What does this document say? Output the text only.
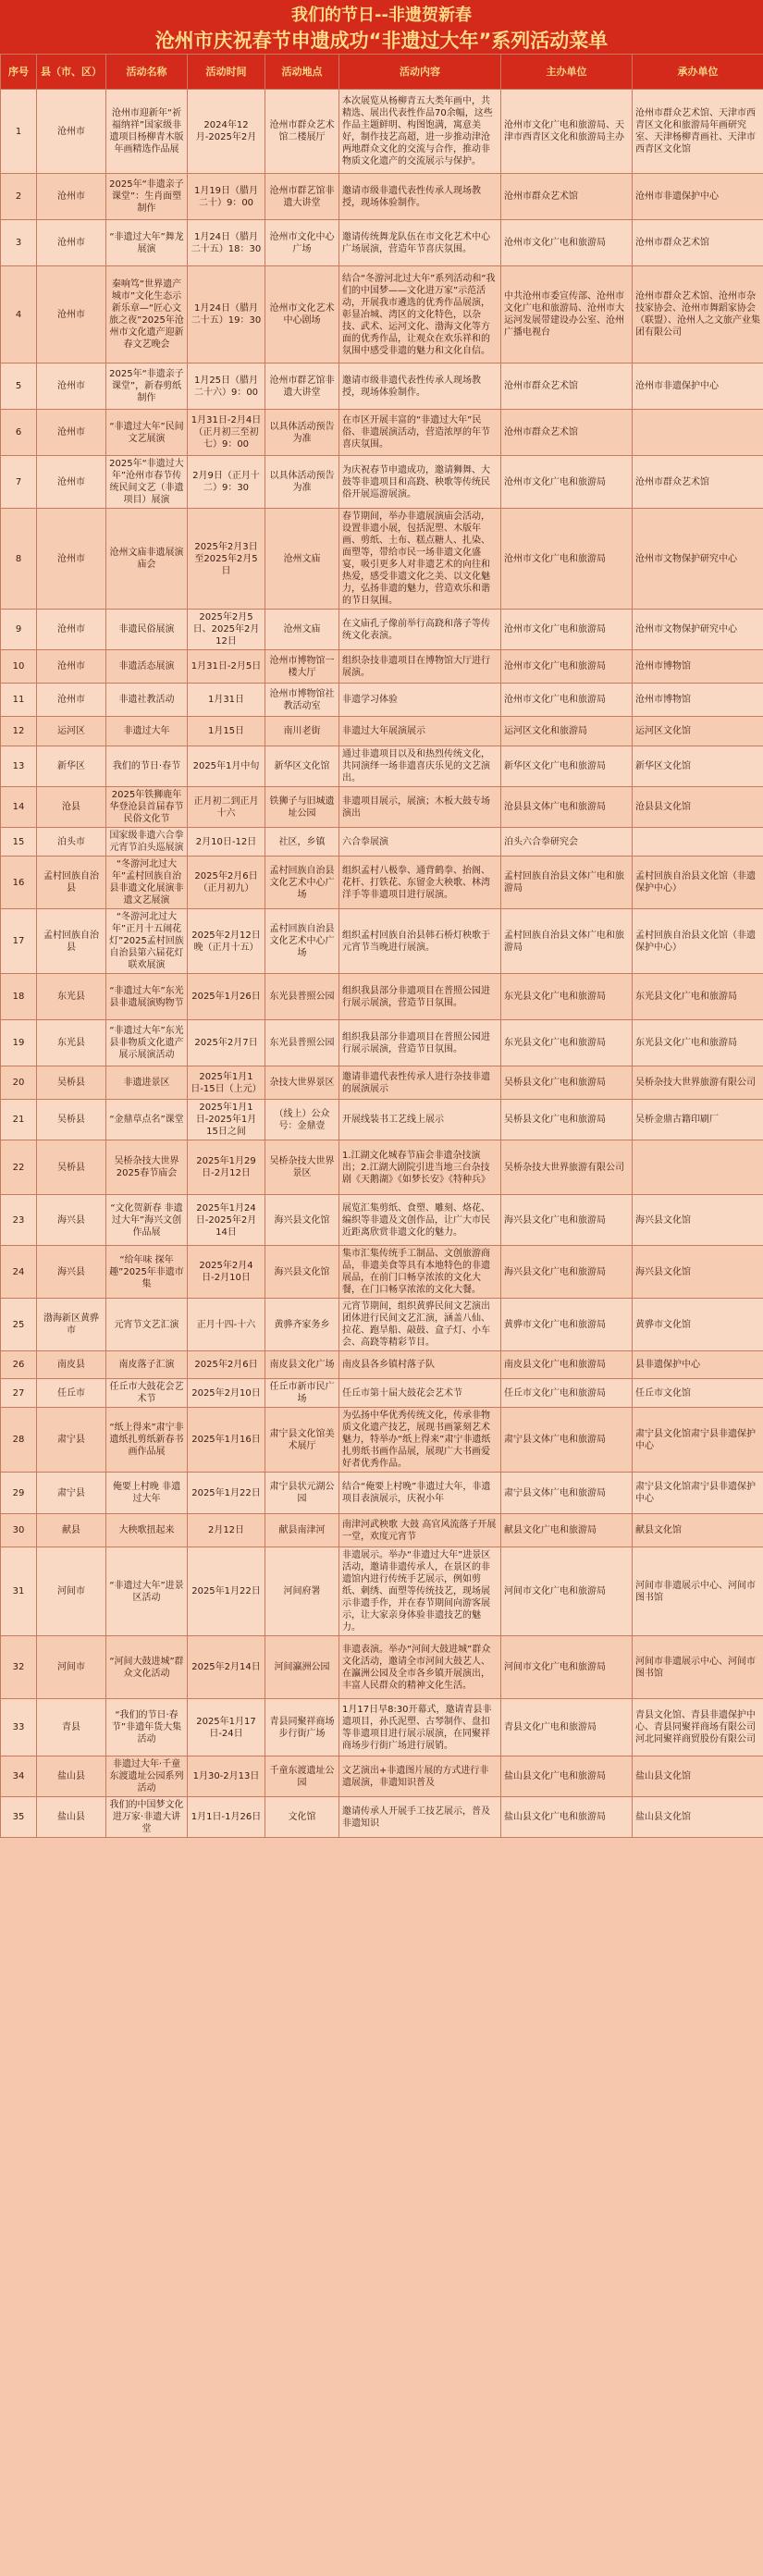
我们的节日--非遗贺新春
沧州市庆祝春节申遗成功“非遗过大年”系列活动菜单
序号	县（市、区）	活动名称	活动时间	活动地点	活动内容	主办单位	承办单位
1	沧州市	沧州市迎新年“祈福纳祥”国家级非遗项目杨柳青木版年画精选作品展	2024年12月-2025年2月	沧州市群众艺术馆二楼展厅	本次展览从杨柳青五大类年画中，共精选、展出代表性作品70余幅，这些作品主题鲜明、构图饱满，寓意美好，制作技艺高超，进一步推动津沧两地群众文化的交流与合作，推动非物质文化遗产的交流展示与保护。	沧州市文化广电和旅游局、天津市西青区文化和旅游局主办	沧州市群众艺术馆、天津市西青区文化和旅游局年画研究室、天津杨柳青画社、天津市西青区文化馆
2	沧州市	2025年“非遗亲子课堂”：生肖面塑制作	1月19日（腊月二十）9：00	沧州市群艺馆非遗大讲堂	邀请市级非遗代表性传承人现场教授，现场体验制作。	沧州市群众艺术馆	沧州市非遗保护中心
3	沧州市	“非遗过大年”舞龙展演	1月24日（腊月二十五）18：30	沧州市文化中心广场	邀请传统舞龙队伍在市文化艺术中心广场展演，营造年节喜庆氛围。	沧州市文化广电和旅游局	沧州市群众艺术馆
4	沧州市	秦响笃“世界遗产城市”文化生态示新乐章—“匠心文旅之夜”2025年沧州市文化遗产迎新春文艺晚会	1月24日（腊月二十五）19：30	沧州市文化艺术中心剧场	结合“冬游河北过大年”系列活动和“我们的中国梦——文化进万家”示范活动，开展我市遴选的优秀作品展演，彰显冶城、湾区的文化特色，以杂技、武术、运河文化、渤海文化等方面的优秀作品，让观众在欢乐祥和的氛围中感受非遗的魅力和文化自信。	中共沧州市委宣传部、沧州市文化广电和旅游局、沧州市大运河发展带建设办公室、沧州广播电视台	沧州市群众艺术馆、沧州市杂技家协会、沧州市舞蹈家协会（联盟）、沧州人之文旅产业集团有限公司
5	沧州市	2025年“非遗亲子课堂”，新春剪纸制作	1月25日（腊月二十六）9：00	沧州市群艺馆非遗大讲堂	邀请市级非遗代表性传承人现场教授，现场体验制作。	沧州市群众艺术馆	沧州市非遗保护中心
6	沧州市	“非遗过大年”民间文艺展演	1月31日-2月4日（正月初三至初七）9：00	以具体活动预告为准	在市区开展丰富的“非遗过大年”民俗、非遗展演活动，营造浓厚的年节喜庆氛围。	沧州市群众艺术馆	
7	沧州市	2025年“非遗过大年”沧州市春节传统民间文艺（非遗项目）展演	2月9日（正月十二）9：30	以具体活动预告为准	为庆祝春节申遗成功，邀请狮舞、大鼓等非遗项目和高跷、秧歌等传统民俗开展巡游展演。	沧州市文化广电和旅游局	沧州市群众艺术馆
8	沧州市	沧州文庙非遗展演庙会	2025年2月3日至2025年2月5日	沧州文庙	春节期间，举办非遗展演庙会活动，设置非遗小展，包括泥塑、木版年画、剪纸、土布、糕点糖人、扎染、面塑等，带给市民一场非遗文化盛宴，吸引更多人对非遗艺术的向往和热爱，感受非遗文化之美、以文化魅力，弘扬非遗的魅力，营造欢乐和谐的节日氛围。	沧州市文化广电和旅游局	沧州市文物保护研究中心
9	沧州市	非遗民俗展演	2025年2月5日、2025年2月12日	沧州文庙	在文庙孔子像前举行高跷和落子等传统文化表演。	沧州市文化广电和旅游局	沧州市文物保护研究中心
10	沧州市	非遗活态展演	1月31日-2月5日	沧州市博物馆一楼大厅	组织杂技非遗项目在博物馆大厅进行展演。	沧州市文化广电和旅游局	沧州市博物馆
11	沧州市	非遗社教活动	1月31日	沧州市博物馆社教活动室	非遗学习体验	沧州市文化广电和旅游局	沧州市博物馆
12	运河区	非遗过大年	1月15日	南川老街	非遗过大年展演展示	运河区文化和旅游局	运河区文化馆
13	新华区	我们的节日·春节	2025年1月中旬	新华区文化馆	通过非遗项目以及和热烈传统文化，共同演绎一场非遗喜庆乐见的文艺演出。	新华区文化广电和旅游局	新华区文化馆
14	沧县	2025年铁狮鹿年华登沧县首届春节民俗文化节	正月初二到正月十六	铁狮子与旧城遗址公园	非遗项目展示，展演；木板大鼓专场演出	沧县县文体广电和旅游局	沧县县文化馆
15	泊头市	国家级非遗六合拳元宵节泊头巡展演	2月10日-12日	社区，乡镇	六合拳展演	泊头六合拳研究会	
16	孟村回族自治县	“冬游河北过大年”孟村回族自治县非遗文化展演非遗文艺展演	2025年2月6日（正月初九）	孟村回族自治县文化艺术中心广场	组织孟村八极拳、通背鹤拳、抬阁、花杆、打铁花、东留金大秧歌、林湾洋手等非遗项目进行展演。	孟村回族自治县文体广电和旅游局	孟村回族自治县文化馆（非遗保护中心）
17	孟村回族自治县	“冬游河北过大年”正月十五闹花灯”2025孟村回族自治县第六届花灯联欢展演	2025年2月12日晚（正月十五）	孟村回族自治县文化艺术中心广场	组织孟村回族自治县韩石桥灯秧歌于元宵节当晚进行展演。	孟村回族自治县文体广电和旅游局	孟村回族自治县文化馆（非遗保护中心）
18	东光县	“非遗过大年”东光县非遗展演购物节	2025年1月26日	东光县普照公园	组织我县部分非遗项目在普照公园进行展示展演，营造节日氛围。	东光县文化广电和旅游局	东光县文化广电和旅游局
19	东光县	“非遗过大年”东光县非物质文化遗产展示展演活动	2025年2月7日	东光县普照公园	组织我县部分非遗项目在普照公园进行展示展演，营造节日氛围。	东光县文化广电和旅游局	东光县文化广电和旅游局
20	吴桥县	非遗进景区	2025年1月1日-15日（上元）	杂技大世界景区	邀请非遗代表性传承人进行杂技非遗的展演展示	吴桥县文化广电和旅游局	吴桥杂技大世界旅游有限公司
21	吴桥县	“金鼎草点名”课堂	2025年1月1日-2025年1月15日之间	（线上）公众号：金鼎壹	开展线装书工艺线上展示	吴桥县文化广电和旅游局	吴桥金鼎古籍印刷厂
22	吴桥县	吴桥杂技大世界2025春节庙会	2025年1月29日-2月12日	吴桥杂技大世界景区	1.江湖文化城春节庙会非遗杂技演出；2.江湖大剧院引进当地三台杂技剧《天鹅湖》《如梦长安》《特种兵》	吴桥杂技大世界旅游有限公司	
23	海兴县	“文化贺新春 非遗过大年”海兴文创作品展	2025年1月24日-2025年2月14日	海兴县文化馆	展览汇集剪纸、食塑、雕刻、烙花、编织等非遗及文创作品，让广大市民近距离欣赏非遗文化的魅力。	海兴县文化广电和旅游局	海兴县文化馆
24	海兴县	“给年味 探年趣”2025年非遗市集	2025年2月4日-2月10日	海兴县文化馆	集市汇集传统手工制品、文创旅游商品，非遗美食等具有本地特色的非遗展品，在前门口畅享浓浓的文化大餐，在门口畅享浓浓的文化大餐。	海兴县文化广电和旅游局	海兴县文化馆
25	渤海新区黄骅市	元宵节文艺汇演	正月十四-十六	黄骅齐家务乡	元宵节期间，组织黄骅民间文艺演出团体进行民间文艺汇演，涵盖八仙、拉花、跑旱船、敲鼓、盒子灯、小车会、高跷等精彩节目。	黄骅市文化广电和旅游局	黄骅市文化馆
26	南皮县	南皮落子汇演	2025年2月6日	南皮县文化广场	南皮县各乡镇村落子队	南皮县文化广电和旅游局	县非遗保护中心
27	任丘市	任丘市大鼓花会艺术节	2025年2月10日	任丘市新市民广场	任丘市第十届大鼓花会艺术节	任丘市文化广电和旅游局	任丘市文化馆
28	肃宁县	“纸上得来”肃宁非遗纸扎剪纸新春书画作品展	2025年1月16日	肃宁县文化馆美术展厅	为弘扬中华优秀传统文化，传承非物质文化遗产技艺，展现书画篆刻艺术魅力，特举办“纸上得来”肃宁非遗纸扎剪纸书画作品展，展现广大书画爱好者优秀作品。	肃宁县文体广电和旅游局	肃宁县文化馆肃宁县非遗保护中心
29	肃宁县	俺要上村晚 非遗过大年	2025年1月22日	肃宁县状元湖公园	结合“俺要上村晚”非遗过大年，非遗项目表演展示，庆祝小年	肃宁县文体广电和旅游局	肃宁县文化馆肃宁县非遗保护中心
30	献县	大秧歌扭起来	2月12日	献县南津河	南津河武秧歌 大鼓 高官风流落子开展一堂，欢度元宵节	献县文化广电和旅游局	献县文化馆
31	河间市	“非遗过大年”进景区活动	2025年1月22日	河间府署	非遗展示。举办“非遗过大年”进景区活动，邀请非遗传承人，在景区的非遗馆内进行传统手艺展示，例如剪纸、刺绣、面塑等传统技艺，现场展示非遗手作，并在春节期间向游客展示，让大家亲身体验非遗技艺的魅力。	河间市文化广电和旅游局	河间市非遗展示中心、河间市图书馆
32	河间市	“河间大鼓进城”群众文化活动	2025年2月14日	河间瀛洲公园	非遗表演。举办“河间大鼓进城”群众文化活动，邀请全市河间大鼓艺人、在瀛洲公园及全市各乡镇开展演出，丰富人民群众的精神文化生活。	河间市文化广电和旅游局	河间市非遗展示中心、河间市图书馆
33	青县	“我们的节日·春节”非遗年货大集活动	2025年1月17日-24日	青县同聚祥商场步行街广场	1月17日早8:30开幕式，邀请青县非遗项目，孙氏泥塑、古琴制作、盘扣等非遗项目进行展示展演，在同聚祥商场步行街广场进行展销。	青县文化广电和旅游局	青县文化馆、青县非遗保护中心、青县同聚祥商场有限公司 河北同聚祥商贸股份有限公司
34	盐山县	非遗过大年·千童东渡遗址公园系列活动	1月30-2月13日	千童东渡遗址公园	文艺演出+非遗图片展的方式进行非遗展演，非遗知识普及	盐山县文化广电和旅游局	盐山县文化馆
35	盐山县	我们的中国梦文化进万家·非遗大讲堂	1月1日-1月26日	文化馆	邀请传承人开展手工技艺展示，普及非遗知识	盐山县文化广电和旅游局	盐山县文化馆
